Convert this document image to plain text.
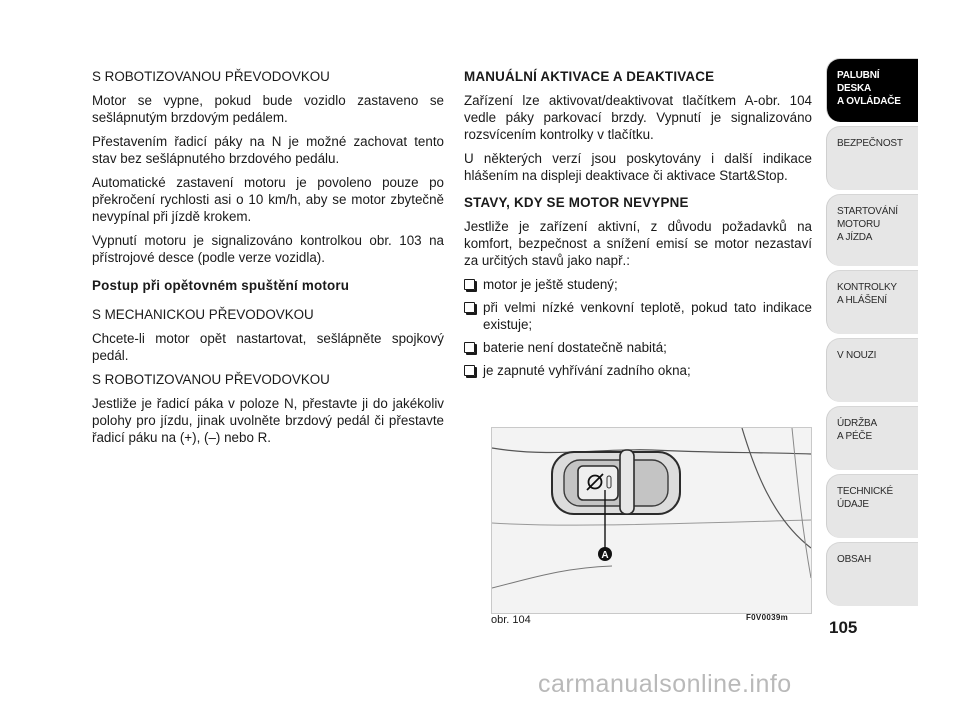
S ROBOTIZOVANOU PŘEVODOVKOU

Motor se vypne, pokud bude vozidlo zastaveno se sešlápnutým brzdovým pedálem.

Přestavením řadicí páky na N je možné zachovat tento stav bez sešlápnutého brzdového pedálu.

Automatické zastavení motoru je povoleno pouze po překročení rychlosti asi o 10 km/h, aby se motor zbytečně nevypínal při jízdě krokem.

Vypnutí motoru je signalizováno kontrolkou obr. 103 na přístrojové desce (podle verze vozidla).

Postup při opětovném spuštění motoru

S MECHANICKOU PŘEVODOVKOU

Chcete-li motor opět nastartovat, sešlápněte spojkový pedál.

S ROBOTIZOVANOU PŘEVODOVKOU

Jestliže je řadicí páka v poloze N, přestavte ji do jakékoliv polohy pro jízdu, jinak uvolněte brzdový pedál či přestavte řadicí páku na (+), (–) nebo R.

MANUÁLNÍ AKTIVACE A DEAKTIVACE

Zařízení lze aktivovat/deaktivovat tlačítkem A-obr. 104 vedle páky parkovací brzdy. Vypnutí je signalizováno rozsvícením kontrolky v tlačítku.

U některých verzí jsou poskytovány i další indikace hlášením na displeji deaktivace či aktivace Start&Stop.

STAVY, KDY SE MOTOR NEVYPNE

Jestliže je zařízení aktivní, z důvodu požadavků na komfort, bezpečnost a snížení emisí se motor nezastaví za určitých stavů jako např.:

motor je ještě studený;
při velmi nízké venkovní teplotě, pokud tato indikace existuje;
baterie není dostatečně nabitá;
je zapnuté vyhřívání zadního okna;
A
obr. 104	F0V0039m
PALUBNÍ DESKA
A OVLÁDAČE
BEZPEČNOST
STARTOVÁNÍ
MOTORU
A JÍZDA
KONTROLKY
A HLÁŠENÍ
V NOUZI
ÚDRŽBA
A PÉČE
TECHNICKÉ
ÚDAJE
OBSAH
105
carmanualsonline.info
